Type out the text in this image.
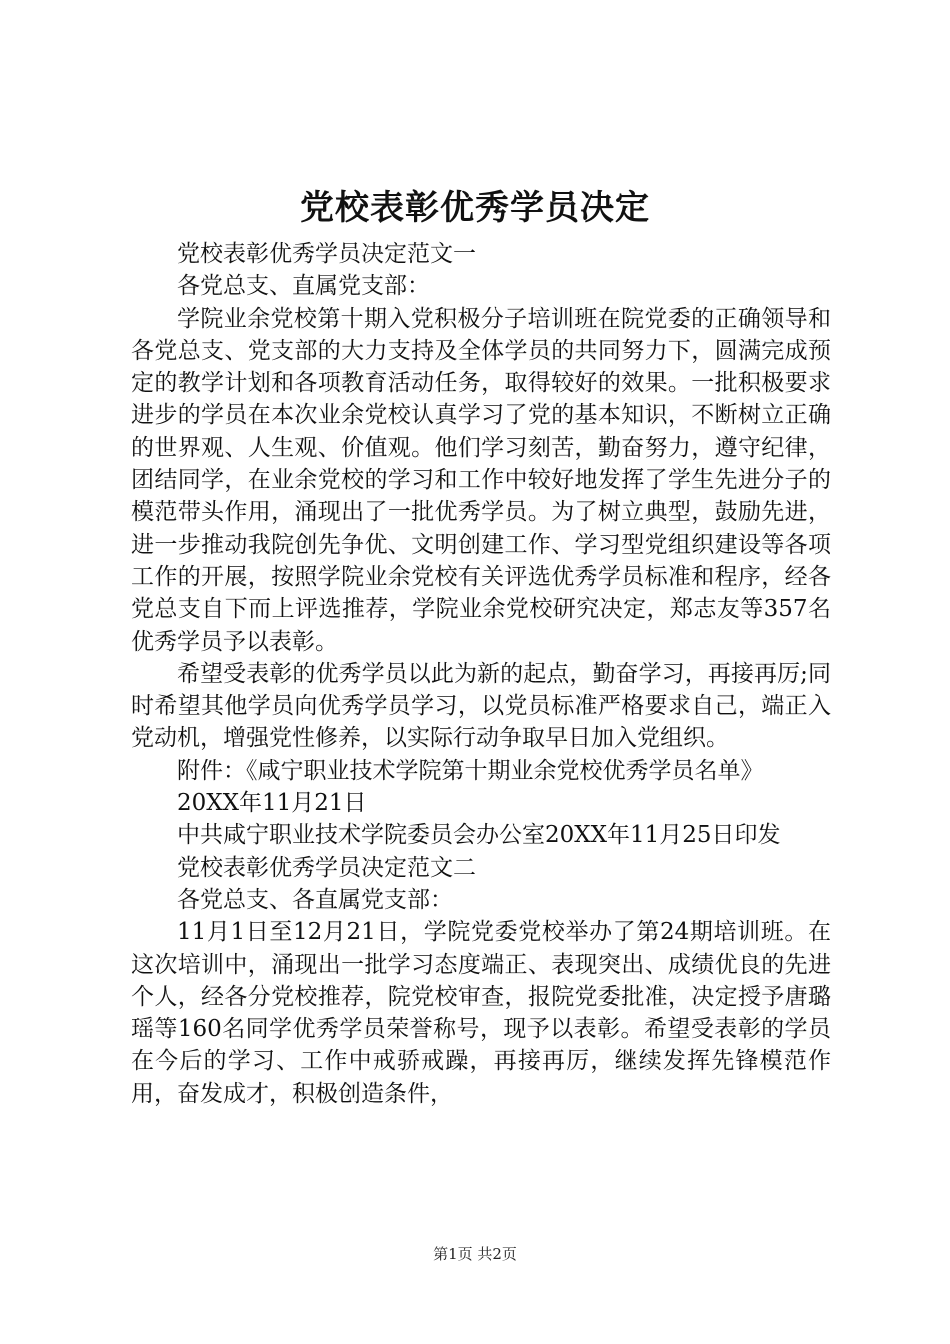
党校表彰优秀学员决定

党校表彰优秀学员决定范文一

各党总支、直属党支部：

学院业余党校第十期入党积极分子培训班在院党委的正确领导和各党总支、党支部的大力支持及全体学员的共同努力下，圆满完成预定的教学计划和各项教育活动任务，取得较好的效果。一批积极要求进步的学员在本次业余党校认真学习了党的基本知识，不断树立正确的世界观、人生观、价值观。他们学习刻苦，勤奋努力，遵守纪律，团结同学，在业余党校的学习和工作中较好地发挥了学生先进分子的模范带头作用，涌现出了一批优秀学员。为了树立典型，鼓励先进，进一步推动我院创先争优、文明创建工作、学习型党组织建设等各项工作的开展，按照学院业余党校有关评选优秀学员标准和程序，经各党总支自下而上评选推荐，学院业余党校研究决定，郑志友等357名优秀学员予以表彰。

希望受表彰的优秀学员以此为新的起点，勤奋学习，再接再厉;同时希望其他学员向优秀学员学习，以党员标准严格要求自己，端正入党动机，增强党性修养，以实际行动争取早日加入党组织。

附件：《咸宁职业技术学院第十期业余党校优秀学员名单》

20XX年11月21日

中共咸宁职业技术学院委员会办公室20XX年11月25日印发

党校表彰优秀学员决定范文二

各党总支、各直属党支部：

11月1日至12月21日，学院党委党校举办了第24期培训班。在这次培训中，涌现出一批学习态度端正、表现突出、成绩优良的先进个人，经各分党校推荐，院党校审查，报院党委批准，决定授予唐璐瑶等160名同学优秀学员荣誉称号，现予以表彰。希望受表彰的学员在今后的学习、工作中戒骄戒躁，再接再厉，继续发挥先锋模范作用，奋发成才，积极创造条件，

第1页 共2页
